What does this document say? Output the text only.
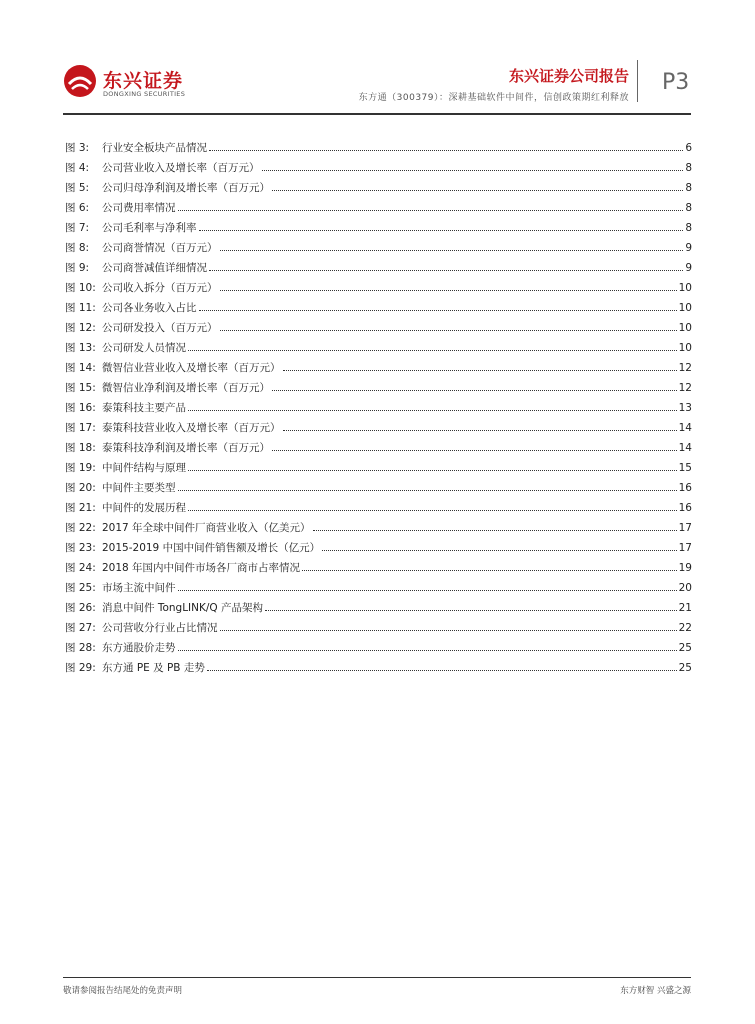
东兴证券
DONGXING SECURITIES
东兴证券公司报告
东方通（300379）：深耕基础软件中间件，信创政策期红利释放
P3
图 3:	行业安全板块产品情况	6
图 4:	公司营业收入及增长率（百万元）	8
图 5:	公司归母净利润及增长率（百万元）	8
图 6:	公司费用率情况	8
图 7:	公司毛利率与净利率	8
图 8:	公司商誉情况（百万元）	9
图 9:	公司商誉减值详细情况	9
图 10: 公司收入拆分（百万元）	10
图 11: 公司各业务收入占比	10
图 12: 公司研发投入（百万元）	10
图 13: 公司研发人员情况	10
图 14: 微智信业营业收入及增长率（百万元）	12
图 15: 微智信业净利润及增长率（百万元）	12
图 16: 泰策科技主要产品	13
图 17: 泰策科技营业收入及增长率（百万元）	14
图 18: 泰策科技净利润及增长率（百万元）	14
图 19: 中间件结构与原理	15
图 20: 中间件主要类型	16
图 21: 中间件的发展历程	16
图 22: 2017 年全球中间件厂商营业收入（亿美元）	17
图 23: 2015-2019 中国中间件销售额及增长（亿元）	17
图 24: 2018 年国内中间件市场各厂商市占率情况	19
图 25: 市场主流中间件	20
图 26: 消息中间件 TongLINK/Q 产品架构	21
图 27: 公司营收分行业占比情况	22
图 28: 东方通股价走势	25
图 29: 东方通 PE 及 PB 走势	25
敬请参阅报告结尾处的免责声明	东方财智 兴盛之源
